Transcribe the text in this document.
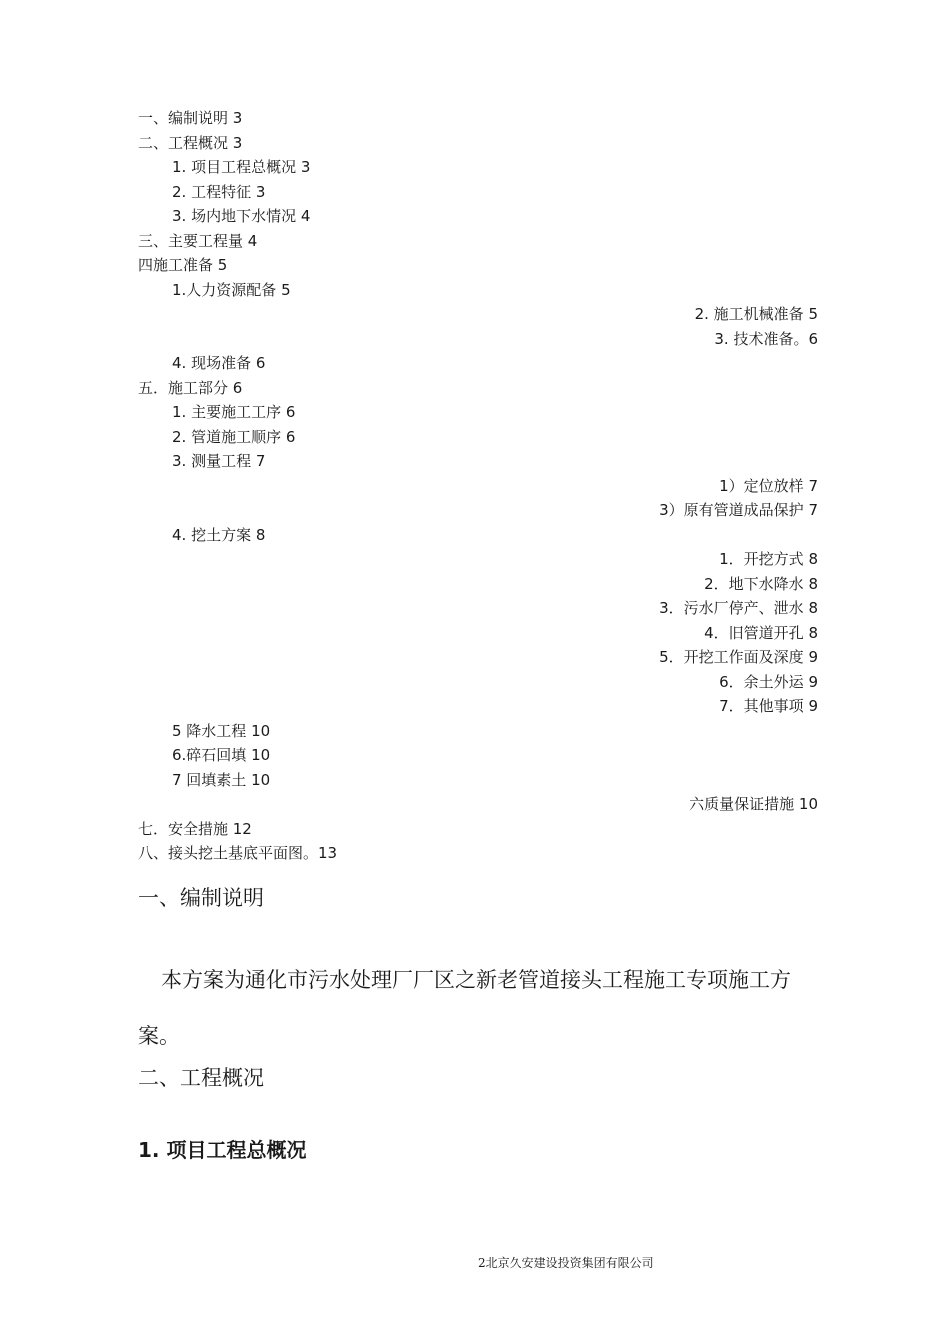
一、编制说明 3
二、工程概况 3
1. 项目工程总概况 3
2. 工程特征 3
3. 场内地下水情况 4
三、主要工程量 4
四施工准备 5
1.人力资源配备 5
2. 施工机械准备 5
3. 技术准备。6
4. 现场准备 6
五．施工部分 6
1. 主要施工工序 6
2. 管道施工顺序 6
3. 测量工程 7
1）定位放样 7
3）原有管道成品保护 7
4. 挖土方案 8
1．开挖方式 8
2．地下水降水 8
3．污水厂停产、泄水 8
4．旧管道开孔 8
5．开挖工作面及深度 9
6．余土外运 9
7．其他事项 9
5 降水工程 10
6.碎石回填 10
7 回填素土 10
六质量保证措施 10
七．安全措施 12
八、接头挖土基底平面图。13
一、编制说明
本方案为通化市污水处理厂厂区之新老管道接头工程施工专项施工方案。
二、工程概况
1. 项目工程总概况
2北京久安建设投资集团有限公司
